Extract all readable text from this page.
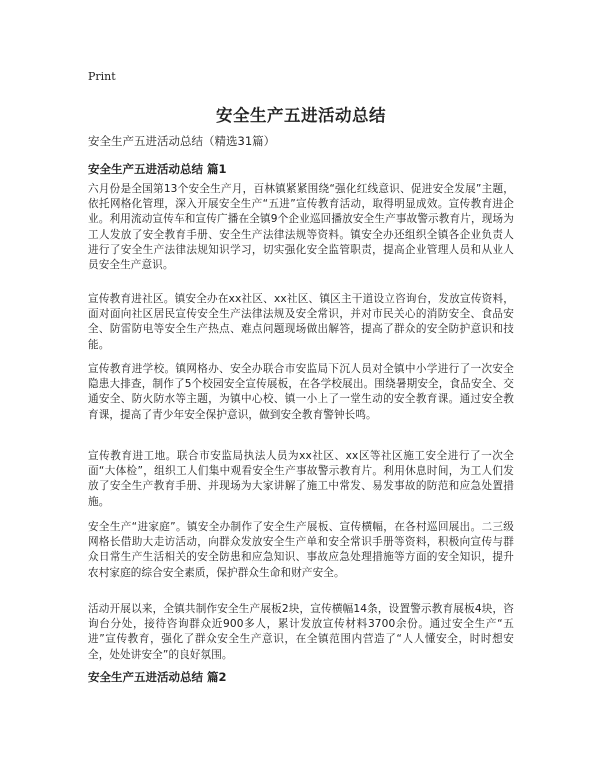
Print
安全生产五进活动总结

安全生产五进活动总结（精选31篇）

安全生产五进活动总结 篇1

六月份是全国第13个安全生产月，百林镇紧紧围绕“强化红线意识、促进安全发展”主题，依托网格化管理，深入开展安全生产“五进”宣传教育活动，取得明显成效。宣传教育进企业。利用流动宣传车和宣传广播在全镇9个企业巡回播放安全生产事故警示教育片，现场为工人发放了安全教育手册、安全生产法律法规等资料。镇安全办还组织全镇各企业负责人进行了安全生产法律法规知识学习，切实强化安全监管职责，提高企业管理人员和从业人员安全生产意识。

宣传教育进社区。镇安全办在xx社区、xx社区、镇区主干道设立咨询台，发放宣传资料，面对面向社区居民宣传安全生产法律法规及安全常识，并对市民关心的消防安全、食品安全、防雷防电等安全生产热点、难点问题现场做出解答，提高了群众的安全防护意识和技能。

宣传教育进学校。镇网格办、安全办联合市安监局下沉人员对全镇中小学进行了一次安全隐患大排查，制作了5个校园安全宣传展板，在各学校展出。围绕暑期安全，食品安全、交通安全、防火防水等主题，为镇中心校、镇一小上了一堂生动的安全教育课。通过安全教育课，提高了青少年安全保护意识，做到安全教育警钟长鸣。

宣传教育进工地。联合市安监局执法人员为xx社区、xx区等社区施工安全进行了一次全面“大体检”，组织工人们集中观看安全生产事故警示教育片。利用休息时间，为工人们发放了安全生产教育手册、并现场为大家讲解了施工中常发、易发事故的防范和应急处置措施。

安全生产“进家庭”。镇安全办制作了安全生产展板、宣传横幅，在各村巡回展出。二三级网格长借助大走访活动，向群众发放安全生产单和安全常识手册等资料，积极向宣传与群众日常生产生活相关的安全防患和应急知识、事故应急处理措施等方面的安全知识，提升农村家庭的综合安全素质，保护群众生命和财产安全。

活动开展以来，全镇共制作安全生产展板2块，宣传横幅14条，设置警示教育展板4块，咨询台分处，接待咨询群众近900多人，累计发放宣传材料3700余份。通过安全生产“五进”宣传教育，强化了群众安全生产意识，在全镇范围内营造了“人人懂安全，时时想安全，处处讲安全”的良好氛围。

安全生产五进活动总结 篇2
